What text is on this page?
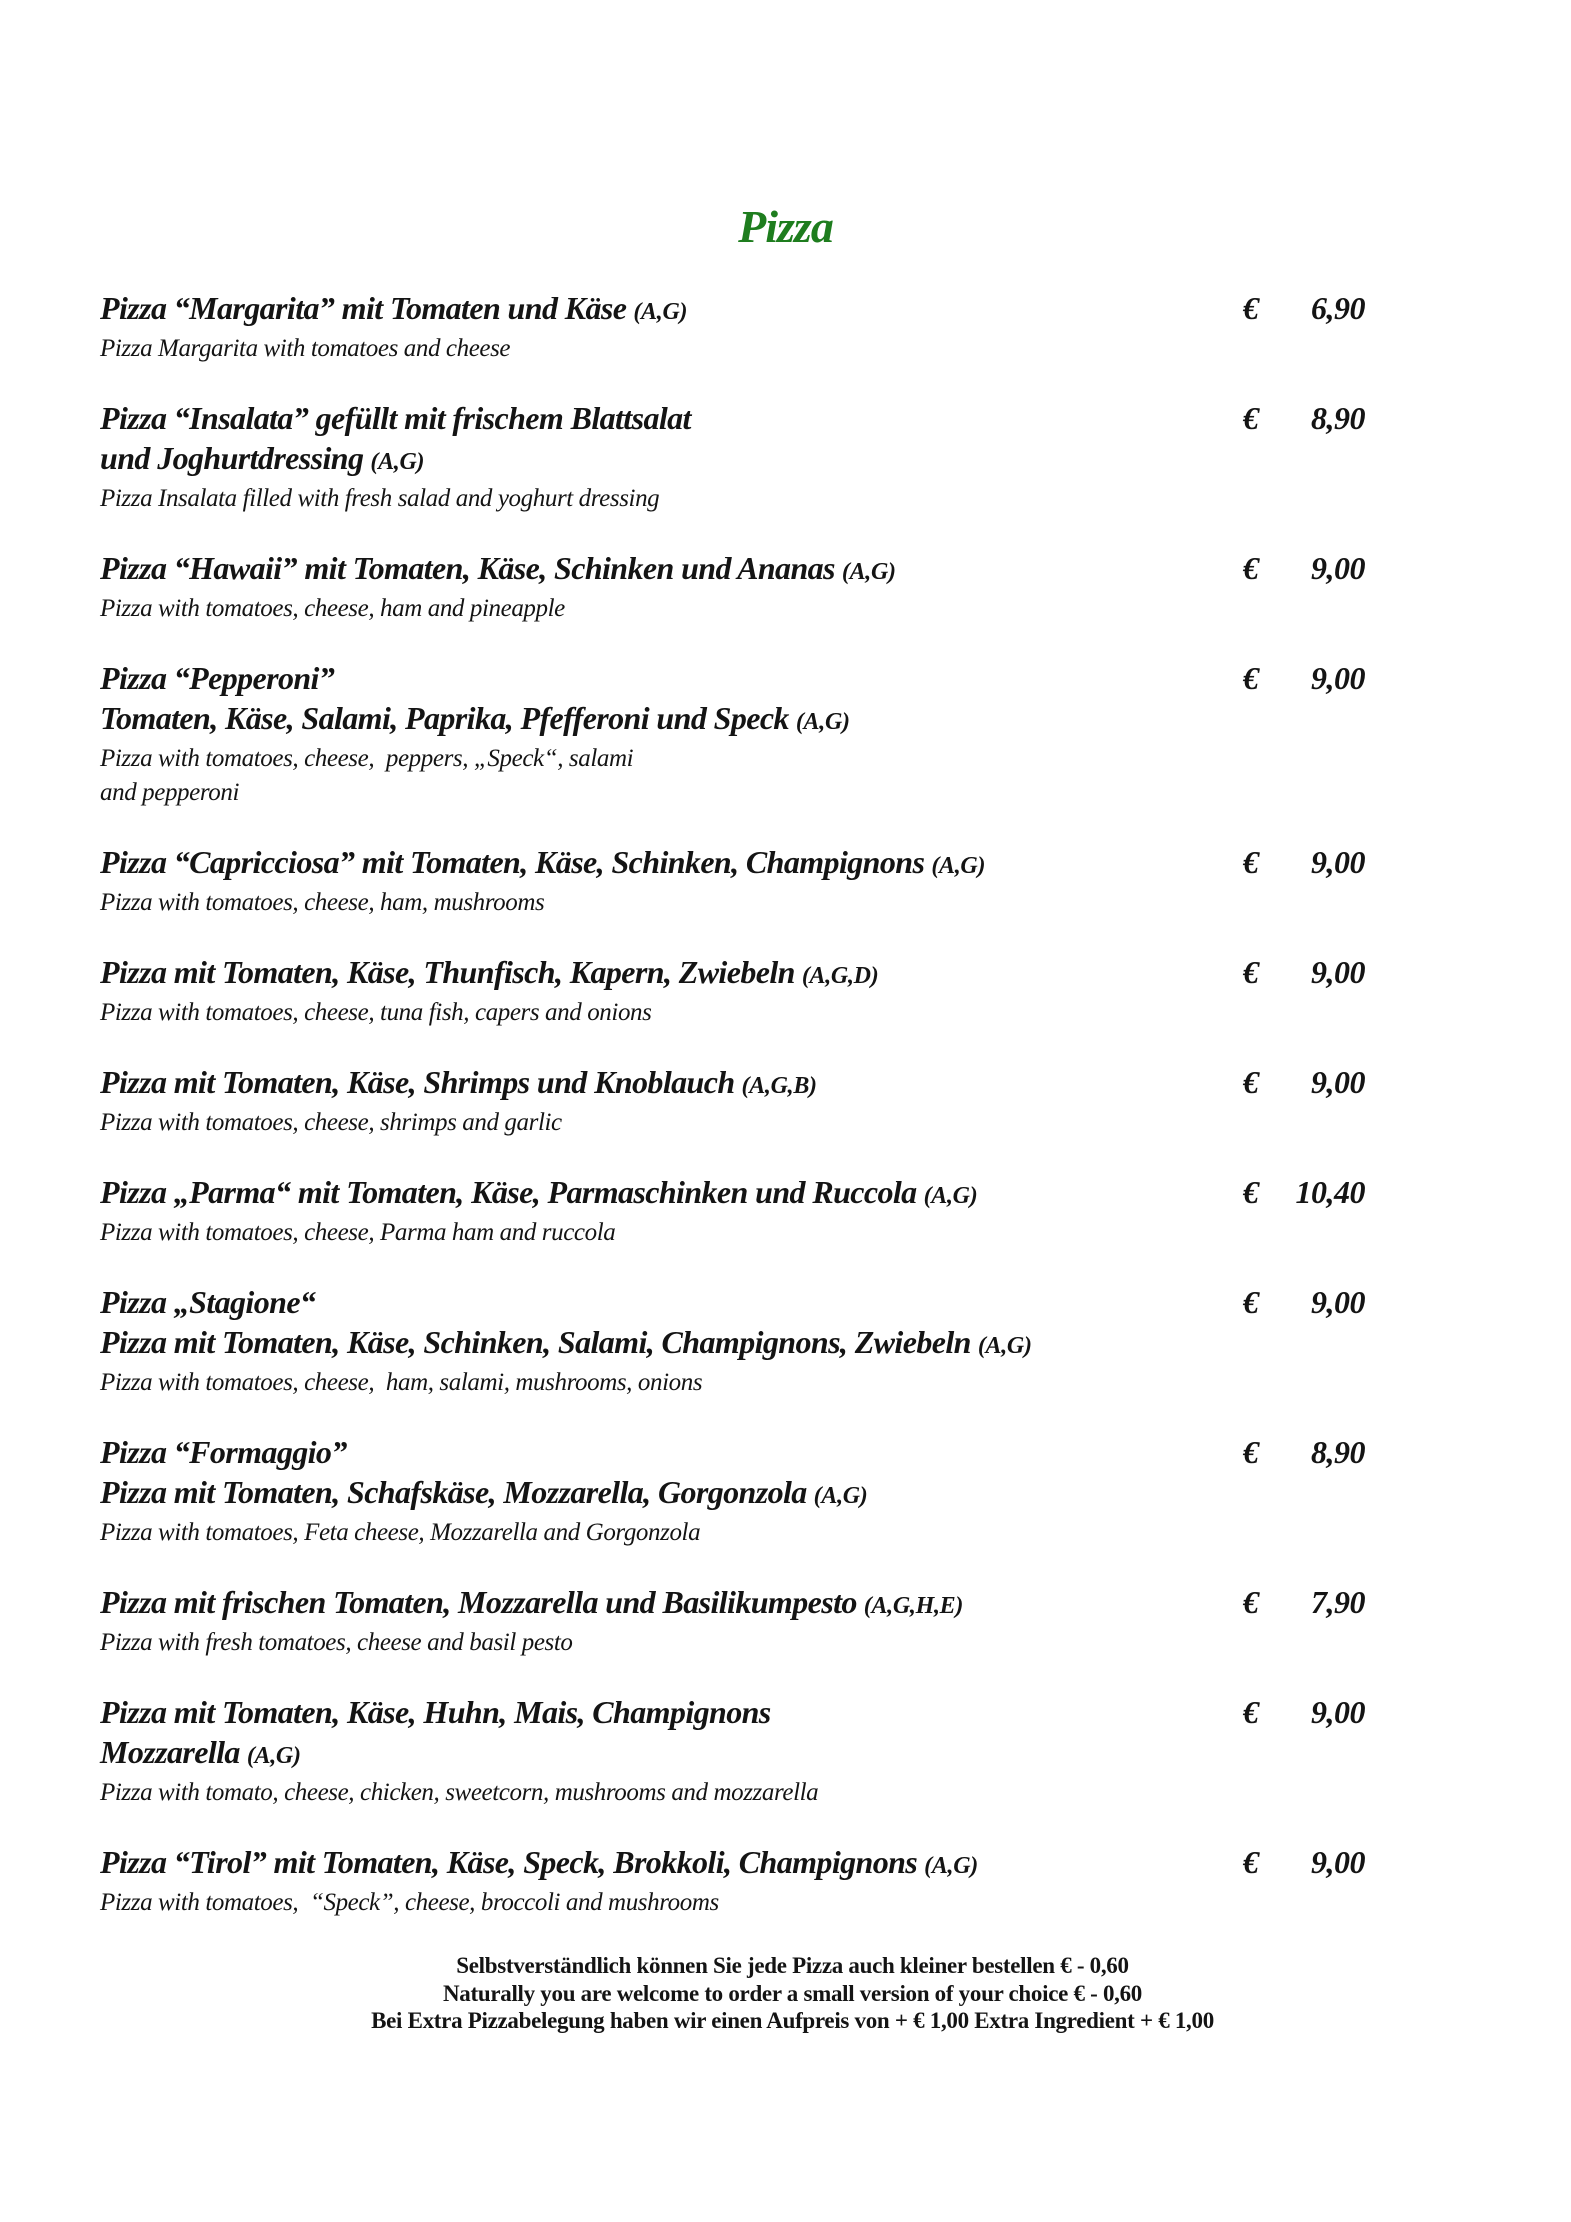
Pizza
Pizza “Margarita” mit Tomaten und Käse (A,G)
Pizza Margarita with tomatoes and cheese
€ 6,90
Pizza “Insalata” gefüllt mit frischem Blattsalat
und Joghurtdressing (A,G)
Pizza Insalata filled with fresh salad and yoghurt dressing
€ 8,90
Pizza “Hawaii” mit Tomaten, Käse, Schinken und Ananas (A,G)
Pizza with tomatoes, cheese, ham and pineapple
€ 9,00
Pizza “Pepperoni”
Tomaten, Käse, Salami, Paprika, Pfefferoni und Speck (A,G)
Pizza with tomatoes, cheese,  peppers, „Speck“, salami
and pepperoni
€ 9,00
Pizza “Capricciosa” mit Tomaten, Käse, Schinken, Champignons (A,G)
Pizza with tomatoes, cheese, ham, mushrooms
€ 9,00
Pizza mit Tomaten, Käse, Thunfisch, Kapern, Zwiebeln (A,G,D)
Pizza with tomatoes, cheese, tuna fish, capers and onions
€ 9,00
Pizza mit Tomaten, Käse, Shrimps und Knoblauch (A,G,B)
Pizza with tomatoes, cheese, shrimps and garlic
€ 9,00
Pizza „Parma“ mit Tomaten, Käse, Parmaschinken und Ruccola (A,G)
Pizza with tomatoes, cheese, Parma ham and ruccola
€ 10,40
Pizza „Stagione“
Pizza mit Tomaten, Käse, Schinken, Salami, Champignons, Zwiebeln (A,G)
Pizza with tomatoes, cheese,  ham, salami, mushrooms, onions
€ 9,00
Pizza “Formaggio”
Pizza mit Tomaten, Schafskäse, Mozzarella, Gorgonzola (A,G)
Pizza with tomatoes, Feta cheese, Mozzarella and Gorgonzola
€ 8,90
Pizza mit frischen Tomaten, Mozzarella und Basilikumpesto (A,G,H,E)
Pizza with fresh tomatoes, cheese and basil pesto
€ 7,90
Pizza mit Tomaten, Käse, Huhn, Mais, Champignons
Mozzarella (A,G)
Pizza with tomato, cheese, chicken, sweetcorn, mushrooms and mozzarella
€ 9,00
Pizza “Tirol” mit Tomaten, Käse, Speck, Brokkoli, Champignons (A,G)
Pizza with tomatoes,  “Speck”, cheese, broccoli and mushrooms
€ 9,00
Selbstverständlich können Sie jede Pizza auch kleiner bestellen € - 0,60
Naturally you are welcome to order a small version of your choice € - 0,60
Bei Extra Pizzabelegung haben wir einen Aufpreis von + € 1,00 Extra Ingredient + € 1,00
